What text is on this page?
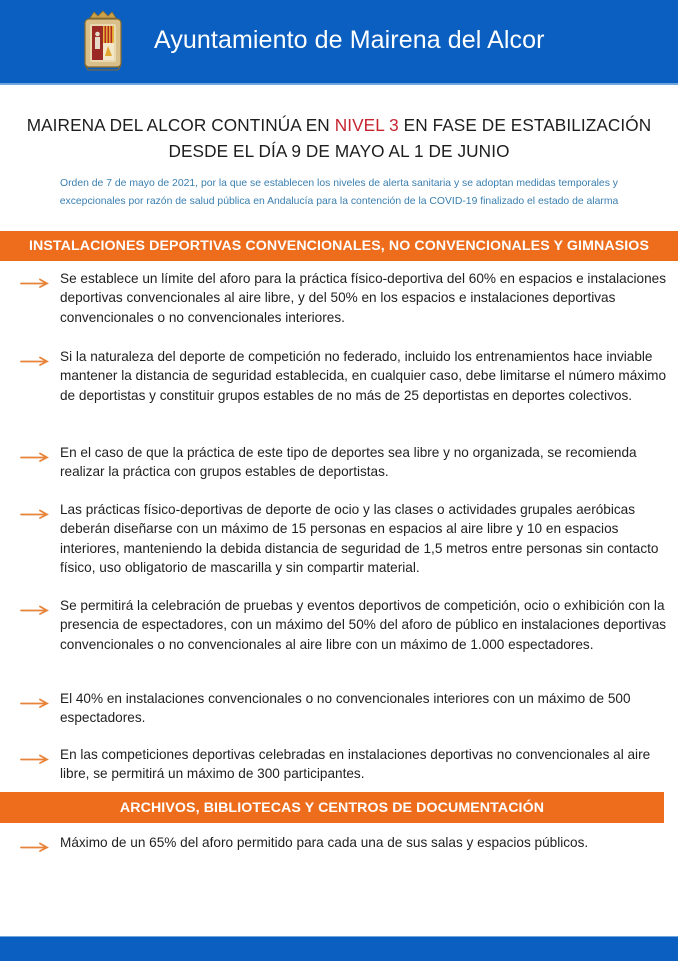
Ayuntamiento de Mairena del Alcor
MAIRENA DEL ALCOR CONTINÚA EN NIVEL 3 EN FASE DE ESTABILIZACIÓN
DESDE EL DÍA 9 DE MAYO AL 1 DE JUNIO
Orden de 7 de mayo de 2021, por la que se establecen los niveles de alerta sanitaria y se adoptan medidas temporales y
excepcionales por razón de salud pública en Andalucía para la contención de la COVID-19 finalizado el estado de alarma
INSTALACIONES DEPORTIVAS CONVENCIONALES, NO CONVENCIONALES Y GIMNASIOS
Se establece un límite del aforo para la práctica físico-deportiva del 60% en espacios e instalaciones deportivas convencionales al aire libre, y del 50% en los espacios e instalaciones deportivas convencionales o no convencionales interiores.
Si la naturaleza del deporte de competición no federado, incluido los entrenamientos hace inviable mantener la distancia de seguridad establecida, en cualquier caso, debe limitarse el número máximo de deportistas y constituir grupos estables de no más de 25 deportistas en deportes colectivos.
En el caso de que la práctica de este tipo de deportes sea libre y no organizada, se recomienda realizar la práctica con grupos estables de deportistas.
Las prácticas físico-deportivas de deporte de ocio y las clases o actividades grupales aeróbicas deberán diseñarse con un máximo de 15 personas en espacios al aire libre y 10 en espacios interiores, manteniendo la debida distancia de seguridad de 1,5 metros entre personas sin contacto físico, uso obligatorio de mascarilla y sin compartir material.
Se permitirá la celebración de pruebas y eventos deportivos de competición, ocio o exhibición con la presencia de espectadores, con un máximo del 50% del aforo de público en instalaciones deportivas convencionales o no convencionales al aire libre con un máximo de 1.000 espectadores.
El 40% en instalaciones convencionales o no convencionales interiores con un máximo de 500 espectadores.
En las competiciones deportivas celebradas en instalaciones deportivas no convencionales al aire libre, se permitirá un máximo de 300 participantes.
ARCHIVOS, BIBLIOTECAS Y CENTROS DE DOCUMENTACIÓN
Máximo de un 65% del aforo permitido para cada una de sus salas y espacios públicos.
